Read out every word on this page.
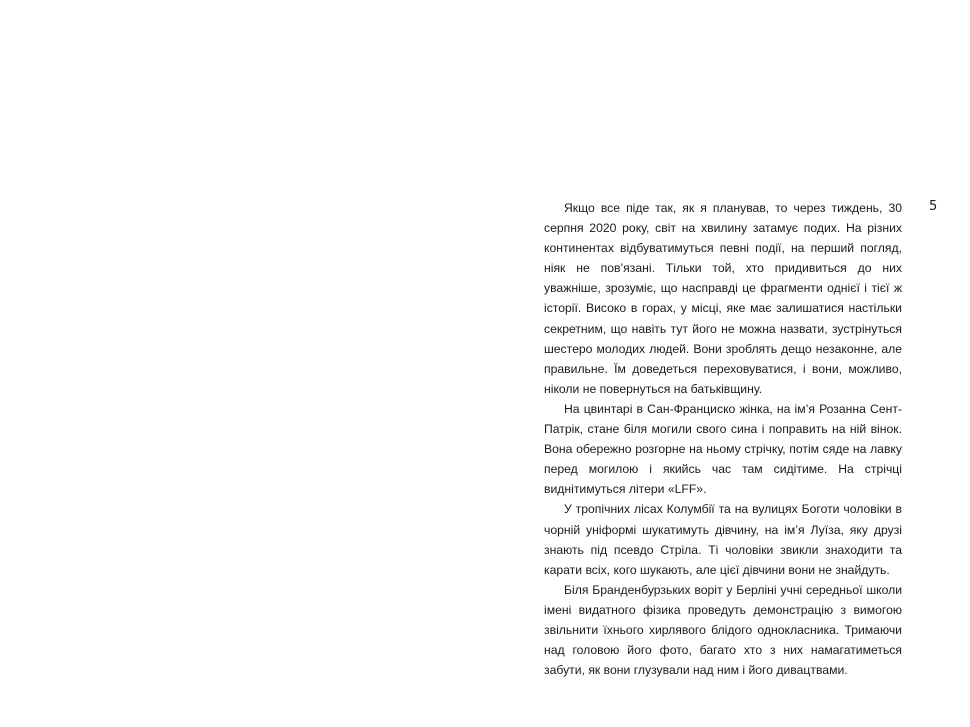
5

Якщо все піде так, як я планував, то через тиждень, 30 серпня 2020 року, світ на хвилину затамує подих. На різних континентах відбуватимуться певні події, на перший погляд, ніяк не пов’язані. Тільки той, хто придивиться до них уважніше, зрозуміє, що насправді це фрагменти однієї і тієї ж історії. Високо в горах, у місці, яке має залишатися настільки секретним, що навіть тут його не можна назвати, зустрінуться шестеро молодих людей. Вони зроблять дещо незаконне, але правильне. Їм доведеться переховуватися, і вони, можливо, ніколи не повернуться на батьківщину.

На цвинтарі в Сан-Франциско жінка, на ім’я Розанна Сент-Патрік, стане біля могили свого сина і поправить на ній вінок. Вона обережно розгорне на ньому стрічку, потім сяде на лавку перед могилою і якийсь час там сидітиме. На стрічці виднітимуться літери «LFF».

У тропічних лісах Колумбії та на вулицях Боготи чоловіки в чорній уніформі шукатимуть дівчину, на ім’я Луїза, яку друзі знають під псевдо Стріла. Ті чоловіки звикли знаходити та карати всіх, кого шукають, але цієї дівчини вони не знайдуть.

Біля Бранденбурзьких воріт у Берліні учні середньої школи імені видатного фізика проведуть демонстрацію з вимогою звільнити їхнього хирлявого блідого однокласника. Тримаючи над головою його фото, багато хто з них намагатиметься забути, як вони глузували над ним і його дивацтвами.
